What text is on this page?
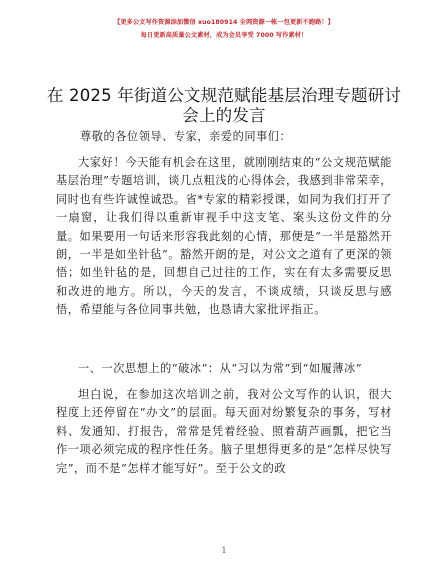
【更多公文写作资源添加微信 xuo180914 全网资源一帐一包更新不跑路！】
每日更新高质量公文素材，成为会员享受 7000 写作素材！
在 2025 年街道公文规范赋能基层治理专题研讨会上的发言
尊敬的各位领导、专家，亲爱的同事们：
大家好！今天能有机会在这里，就刚刚结束的“公文规范赋能基层治理”专题培训，谈几点粗浅的心得体会，我感到非常荣幸，同时也有些许诚惶诚恐。省*专家的精彩授课，如同为我们打开了一扇窗，让我们得以重新审视手中这支笔、案头这份文件的分量。如果要用一句话来形容我此刻的心情，那便是“一半是豁然开朗，一半是如坐针毡”。豁然开朗的是，对公文之道有了更深的领悟；如坐针毡的是，回想自己过往的工作，实在有太多需要反思和改进的地方。所以，今天的发言，不谈成绩，只谈反思与感悟，希望能与各位同事共勉，也恳请大家批评指正。
一、一次思想上的“破冰”：从“习以为常”到“如履薄冰”
坦白说，在参加这次培训之前，我对公文写作的认识，很大程度上还停留在“办文”的层面。每天面对纷繁复杂的事务，写材料、发通知、打报告，常常是凭着经验、照着葫芦画瓢，把它当作一项必须完成的程序性任务。脑子里想得更多的是“怎样尽快写完”，而不是“怎样才能写好”。至于公文的政
1
